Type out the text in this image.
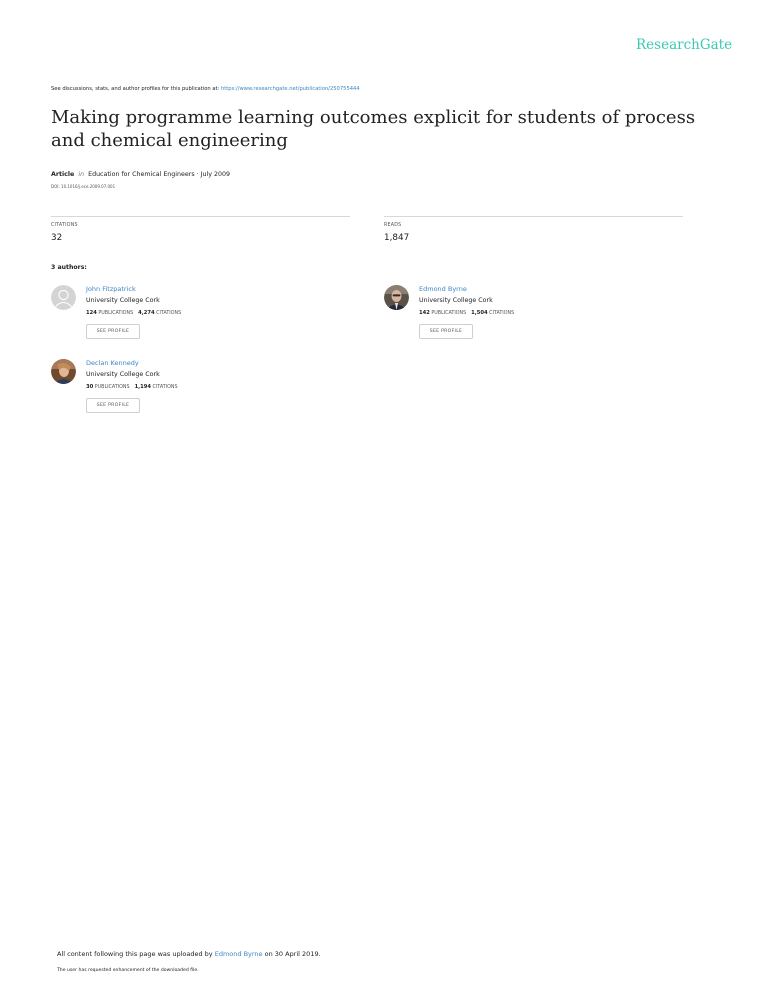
ResearchGate
See discussions, stats, and author profiles for this publication at: https://www.researchgate.net/publication/250755444
Making programme learning outcomes explicit for students of process and chemical engineering
Article in Education for Chemical Engineers · July 2009
DOI: 10.1016/j.ece.2009.07.001
CITATIONS
32
READS
1,847
3 authors:
John Fitzpatrick
University College Cork
124 PUBLICATIONS 4,274 CITATIONS
SEE PROFILE
Edmond Byrne
University College Cork
142 PUBLICATIONS 1,504 CITATIONS
SEE PROFILE
Declan Kennedy
University College Cork
30 PUBLICATIONS 1,194 CITATIONS
SEE PROFILE
All content following this page was uploaded by Edmond Byrne on 30 April 2019.
The user has requested enhancement of the downloaded file.
